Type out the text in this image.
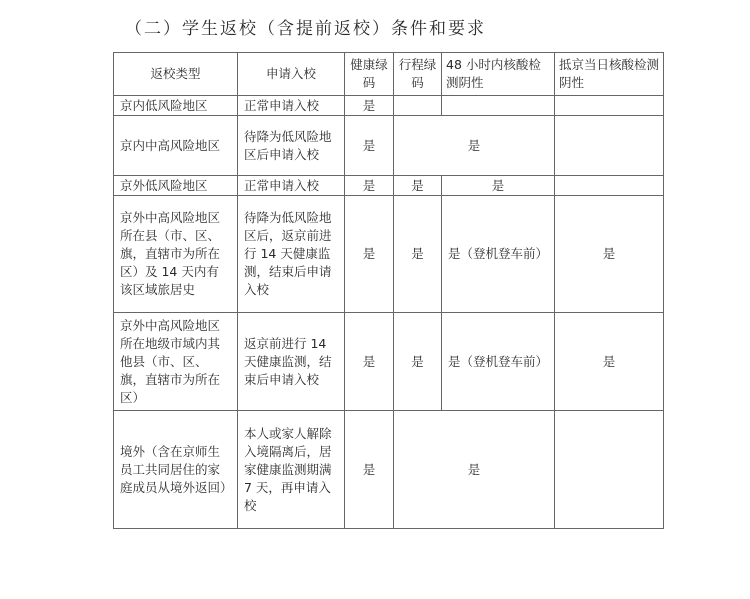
（二）学生返校（含提前返校）条件和要求
返校类型	申请入校	健康绿码	行程绿码	48 小时内核酸检测阴性	抵京当日核酸检测阴性
京内低风险地区	正常申请入校	是			
京内中高风险地区	待降为低风险地区后申请入校	是	是		
京外低风险地区	正常申请入校	是	是	是	
京外中高风险地区所在县（市、区、旗，直辖市为所在区）及 14 天内有该区域旅居史	待降为低风险地区后，返京前进行 14 天健康监测，结束后申请入校	是	是	是（登机登车前）	是
京外中高风险地区所在地级市域内其他县（市、区、旗，直辖市为所在区）	返京前进行 14 天健康监测，结束后申请入校	是	是	是（登机登车前）	是
境外（含在京师生员工共同居住的家庭成员从境外返回）	本人或家人解除入境隔离后，居家健康监测期满 7 天，再申请入校	是	是		
